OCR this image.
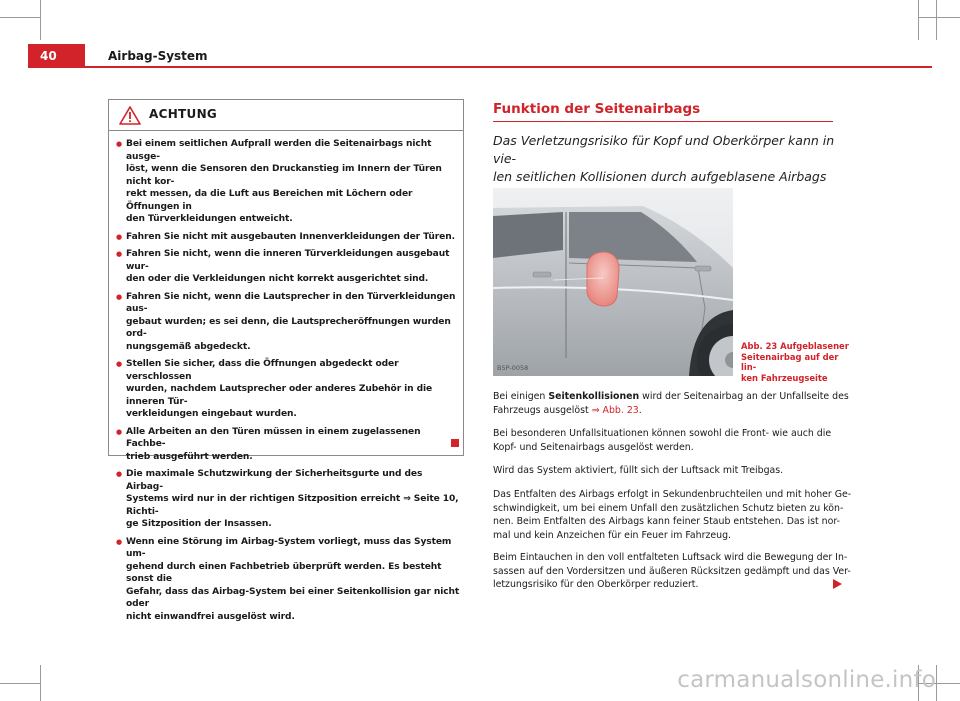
40	Airbag-System
ACHTUNG
● Bei einem seitlichen Aufprall werden die Seitenairbags nicht ausge-
löst, wenn die Sensoren den Druckanstieg im Innern der Türen nicht kor-
rekt messen, da die Luft aus Bereichen mit Löchern oder Öffnungen in
den Türverkleidungen entweicht.
● Fahren Sie nicht mit ausgebauten Innenverkleidungen der Türen.
● Fahren Sie nicht, wenn die inneren Türverkleidungen ausgebaut wur-
den oder die Verkleidungen nicht korrekt ausgerichtet sind.
● Fahren Sie nicht, wenn die Lautsprecher in den Türverkleidungen aus-
gebaut wurden; es sei denn, die Lautsprecheröffnungen wurden ord-
nungsgemäß abgedeckt.
● Stellen Sie sicher, dass die Öffnungen abgedeckt oder verschlossen
wurden, nachdem Lautsprecher oder anderes Zubehör in die inneren Tür-
verkleidungen eingebaut wurden.
● Alle Arbeiten an den Türen müssen in einem zugelassenen Fachbe-
trieb ausgeführt werden.
● Die maximale Schutzwirkung der Sicherheitsgurte und des Airbag-
Systems wird nur in der richtigen Sitzposition erreicht ⇒ Seite 10, Richti-
ge Sitzposition der Insassen.
● Wenn eine Störung im Airbag-System vorliegt, muss das System um-
gehend durch einen Fachbetrieb überprüft werden. Es besteht sonst die
Gefahr, dass das Airbag-System bei einer Seitenkollision gar nicht oder
nicht einwandfrei ausgelöst wird.
Funktion der Seitenairbags
Das Verletzungsrisiko für Kopf und Oberkörper kann in vie-
len seitlichen Kollisionen durch aufgeblasene Airbags

B5P-0058
Abb. 23 Aufgeblasener
Seitenairbag auf der lin-
ken Fahrzeugseite
Bei einigen Seitenkollisionen wird der Seitenairbag an der Unfallseite des
Fahrzeugs ausgelöst ⇒ Abb. 23.
Bei besonderen Unfallsituationen können sowohl die Front- wie auch die
Kopf- und Seitenairbags ausgelöst werden.
Wird das System aktiviert, füllt sich der Luftsack mit Treibgas.
Das Entfalten des Airbags erfolgt in Sekundenbruchteilen und mit hoher Ge-
schwindigkeit, um bei einem Unfall den zusätzlichen Schutz bieten zu kön-
nen. Beim Entfalten des Airbags kann feiner Staub entstehen. Das ist nor-
mal und kein Anzeichen für ein Feuer im Fahrzeug.
Beim Eintauchen in den voll entfalteten Luftsack wird die Bewegung der In-
sassen auf den Vordersitzen und äußeren Rücksitzen gedämpft und das Ver-
letzungsrisiko für den Oberkörper reduziert.
carmanualsonline.info
